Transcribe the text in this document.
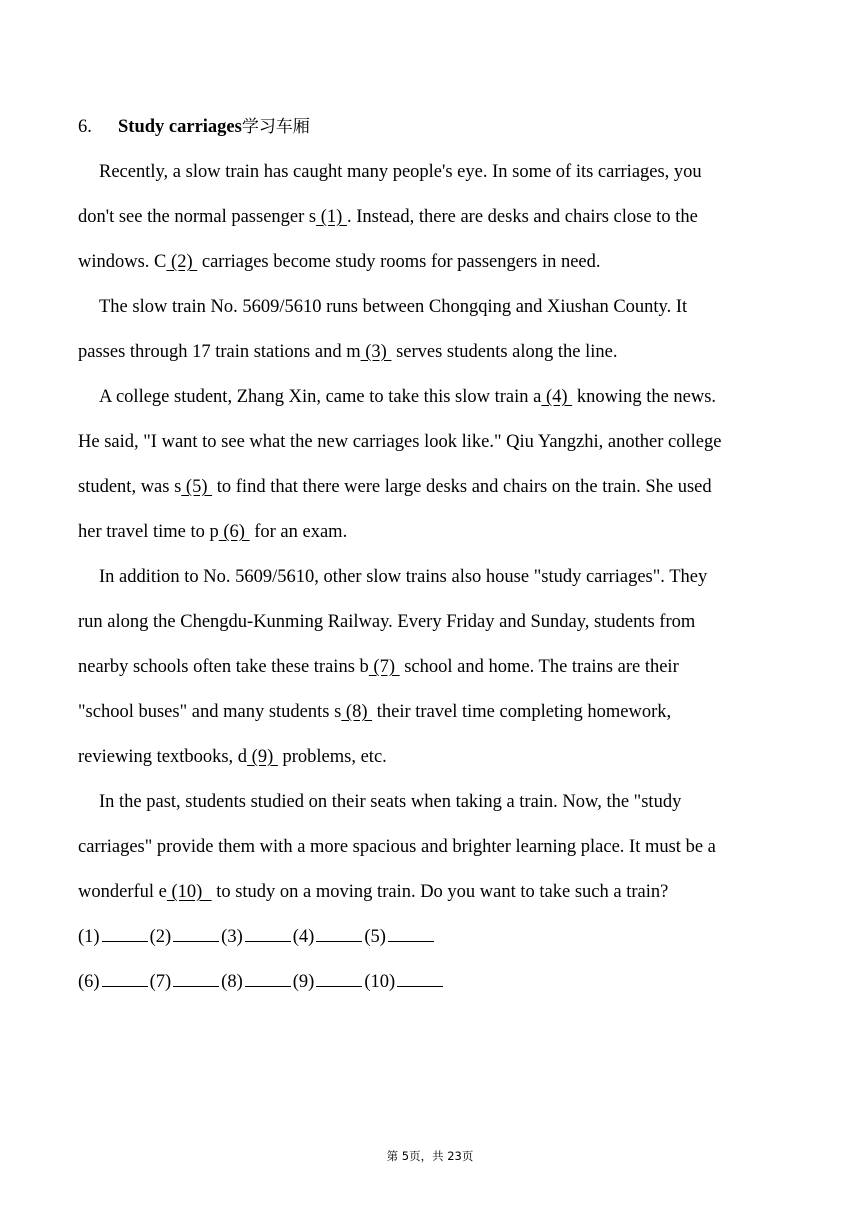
6. Study carriages学习车厢
Recently, a slow train has caught many people's eye. In some of its carriages, you
don't see the normal passenger s (1) . Instead, there are desks and chairs close to the
windows. C (2)  carriages become study rooms for passengers in need.
The slow train No. 5609/5610 runs between Chongqing and Xiushan County. It
passes through 17 train stations and m (3)  serves students along the line.
A college student, Zhang Xin, came to take this slow train a (4)  knowing the news.
He said, "I want to see what the new carriages look like." Qiu Yangzhi, another college
student, was s (5)  to find that there were large desks and chairs on the train. She used
her travel time to p (6)  for an exam.
In addition to No. 5609/5610, other slow trains also house "study carriages". They
run along the Chengdu-Kunming Railway. Every Friday and Sunday, students from
nearby schools often take these trains b (7)  school and home. The trains are their
"school buses" and many students s (8)  their travel time completing homework,
reviewing textbooks, d (9)  problems, etc.
In the past, students studied on their seats when taking a train. Now, the "study
carriages" provide them with a more spacious and brighter learning place. It must be a
wonderful e (10)   to study on a moving train. Do you want to take such a train?
(1)	(2)	(3)	(4)	(5)
(6)	(7)	(8)	(9)	(10)
第 5页，共 23页
